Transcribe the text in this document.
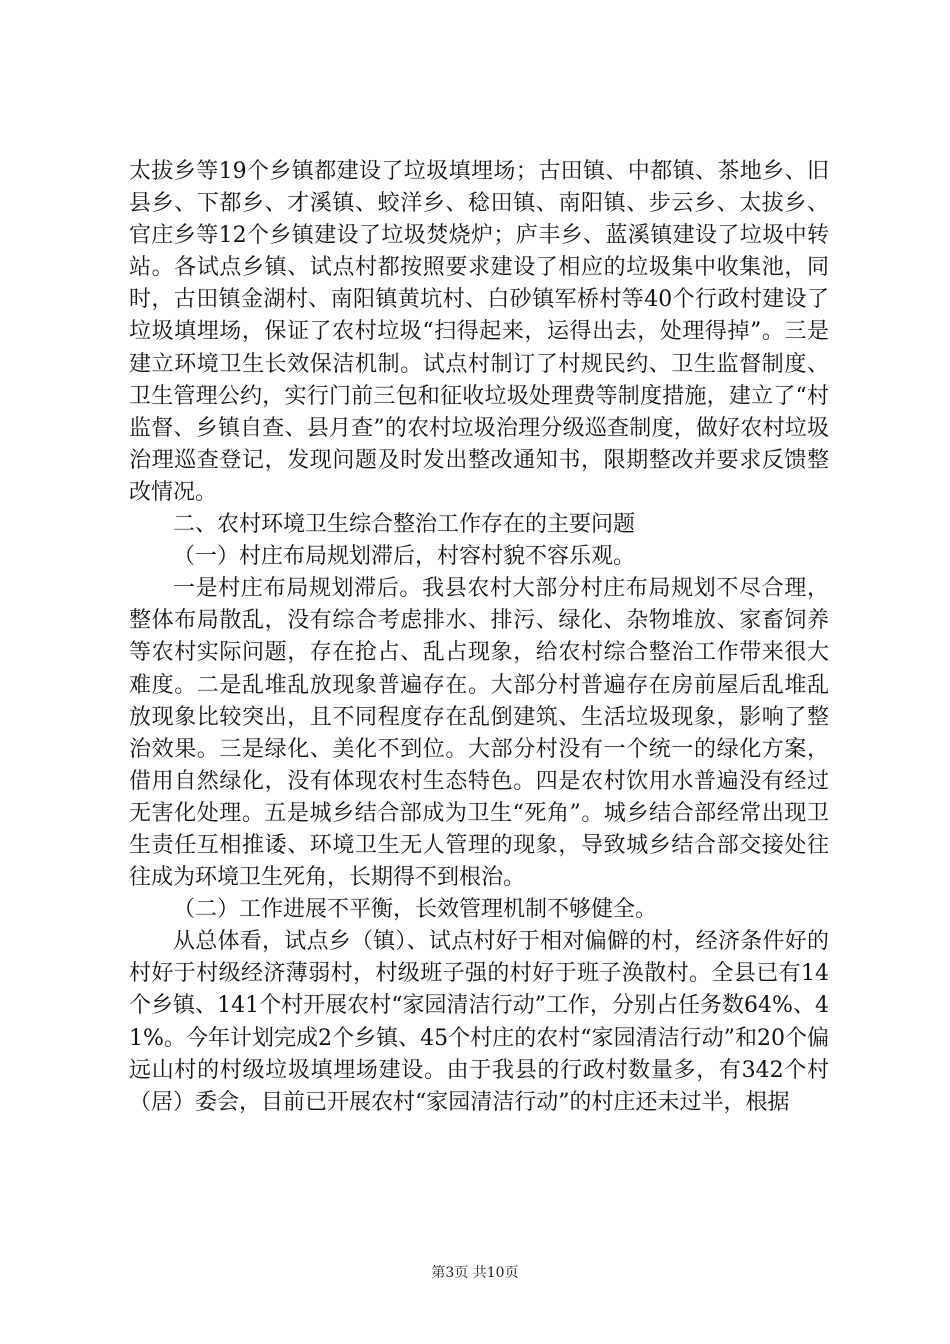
太拔乡等19个乡镇都建设了垃圾填埋场；古田镇、中都镇、茶地乡、旧县乡、下都乡、才溪镇、蛟洋乡、稔田镇、南阳镇、步云乡、太拔乡、官庄乡等12个乡镇建设了垃圾焚烧炉；庐丰乡、蓝溪镇建设了垃圾中转站。各试点乡镇、试点村都按照要求建设了相应的垃圾集中收集池，同时，古田镇金湖村、南阳镇黄坑村、白砂镇军桥村等40个行政村建设了垃圾填埋场，保证了农村垃圾“扫得起来，运得出去，处理得掉”。三是建立环境卫生长效保洁机制。试点村制订了村规民约、卫生监督制度、卫生管理公约，实行门前三包和征收垃圾处理费等制度措施，建立了“村监督、乡镇自查、县月查”的农村垃圾治理分级巡查制度，做好农村垃圾治理巡查登记，发现问题及时发出整改通知书，限期整改并要求反馈整改情况。

二、农村环境卫生综合整治工作存在的主要问题

（一）村庄布局规划滞后，村容村貌不容乐观。

一是村庄布局规划滞后。我县农村大部分村庄布局规划不尽合理，整体布局散乱，没有综合考虑排水、排污、绿化、杂物堆放、家畜饲养等农村实际问题，存在抢占、乱占现象，给农村综合整治工作带来很大难度。二是乱堆乱放现象普遍存在。大部分村普遍存在房前屋后乱堆乱放现象比较突出，且不同程度存在乱倒建筑、生活垃圾现象，影响了整治效果。三是绿化、美化不到位。大部分村没有一个统一的绿化方案，借用自然绿化，没有体现农村生态特色。四是农村饮用水普遍没有经过无害化处理。五是城乡结合部成为卫生“死角”。城乡结合部经常出现卫生责任互相推诿、环境卫生无人管理的现象，导致城乡结合部交接处往往成为环境卫生死角，长期得不到根治。

（二）工作进展不平衡，长效管理机制不够健全。

从总体看，试点乡（镇）、试点村好于相对偏僻的村，经济条件好的村好于村级经济薄弱村，村级班子强的村好于班子涣散村。全县已有14个乡镇、141个村开展农村“家园清洁行动”工作，分别占任务数64%、41%。今年计划完成2个乡镇、45个村庄的农村“家园清洁行动”和20个偏远山村的村级垃圾填埋场建设。由于我县的行政村数量多，有342个村（居）委会，目前已开展农村“家园清洁行动”的村庄还未过半，根据

第3页 共10页
